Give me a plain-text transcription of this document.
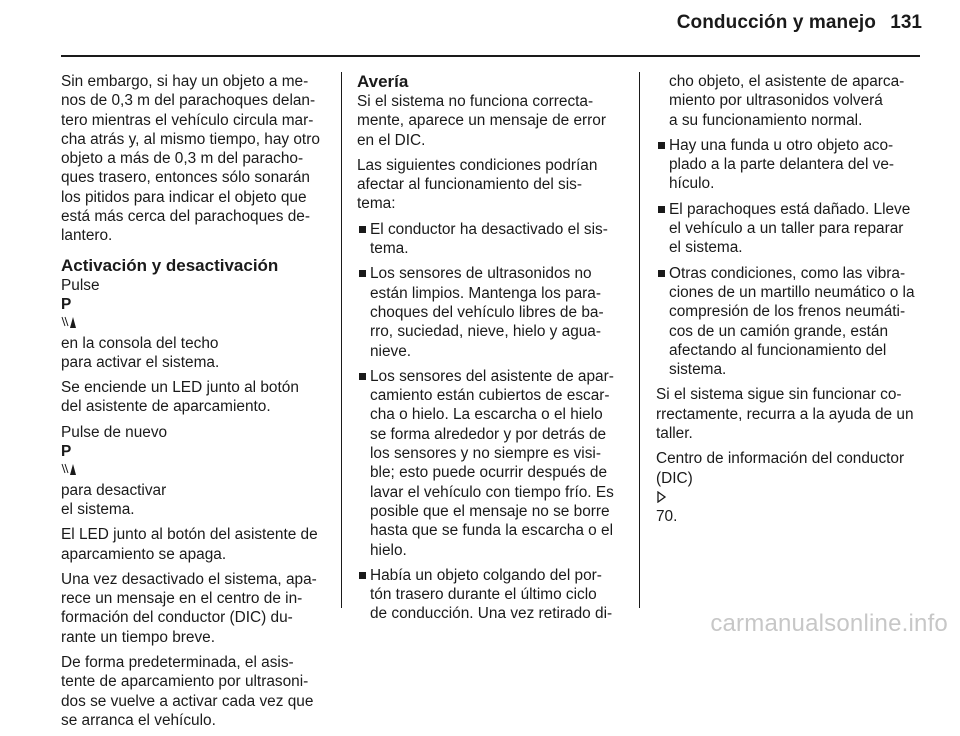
Conducción y manejo 131

Sin embargo, si hay un objeto a me-
nos de 0,3 m del parachoques delan-
tero mientras el vehículo circula mar-
cha atrás y, al mismo tiempo, hay otro
objeto a más de 0,3 m del paracho-
ques trasero, entonces sólo sonarán
los pitidos para indicar el objeto que
está más cerca del parachoques de-
lantero.

Activación y desactivación

Pulse
P
en la consola del techo
para activar el sistema.

Se enciende un LED junto al botón
del asistente de aparcamiento.

Pulse de nuevo
P
para desactivar
el sistema.

El LED junto al botón del asistente de
aparcamiento se apaga.

Una vez desactivado el sistema, apa-
rece un mensaje en el centro de in-
formación del conductor (DIC) du-
rante un tiempo breve.

De forma predeterminada, el asis-
tente de aparcamiento por ultrasoni-
dos se vuelve a activar cada vez que
se arranca el vehículo.

Avería

Si el sistema no funciona correcta-
mente, aparece un mensaje de error
en el DIC.

Las siguientes condiciones podrían
afectar al funcionamiento del sis-
tema:

El conductor ha desactivado el sis-
tema.
Los sensores de ultrasonidos no
están limpios. Mantenga los para-
choques del vehículo libres de ba-
rro, suciedad, nieve, hielo y agua-
nieve.
Los sensores del asistente de apar-
camiento están cubiertos de escar-
cha o hielo. La escarcha o el hielo
se forma alrededor y por detrás de
los sensores y no siempre es visi-
ble; esto puede ocurrir después de
lavar el vehículo con tiempo frío. Es
posible que el mensaje no se borre
hasta que se funda la escarcha o el
hielo.
Había un objeto colgando del por-
tón trasero durante el último ciclo
de conducción. Una vez retirado di-
cho objeto, el asistente de aparca-
miento por ultrasonidos volverá
a su funcionamiento normal.
Hay una funda u otro objeto aco-
plado a la parte delantera del ve-
hículo.
El parachoques está dañado. Lleve
el vehículo a un taller para reparar
el sistema.
Otras condiciones, como las vibra-
ciones de un martillo neumático o la
compresión de los frenos neumáti-
cos de un camión grande, están
afectando al funcionamiento del
sistema.

Si el sistema sigue sin funcionar co-
rrectamente, recurra a la ayuda de un
taller.

Centro de información del conductor
(DIC)
70.

carmanualsonline.info
